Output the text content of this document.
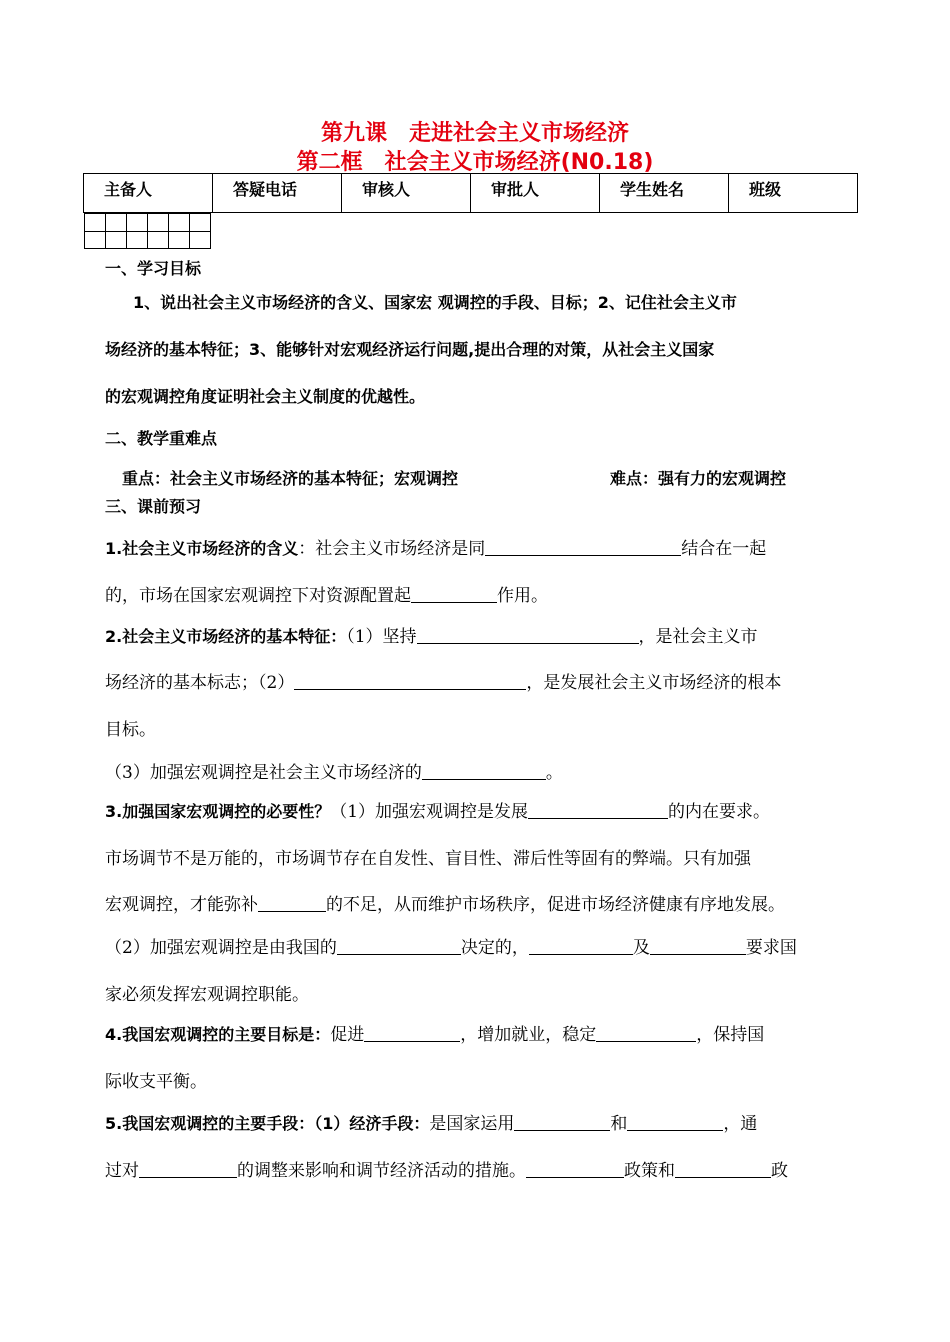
第九课　走进社会主义市场经济
第二框　社会主义市场经济(N0.18)
主备人	答疑电话	审核人	审批人	学生姓名	班级

一、学习目标
1、说出社会主义市场经济的含义、国家宏 观调控的手段、目标；2、记住社会主义市
场经济的基本特征；3、能够针对宏观经济运行问题,提出合理的对策，从社会主义国家
的宏观调控角度证明社会主义制度的优越性。
二、教学重难点
重点：社会主义市场经济的基本特征；宏观调控	难点：强有力的宏观调控
三、课前预习
1.社会主义市场经济的含义：社会主义市场经济是同	结合在一起
的，市场在国家宏观调控下对资源配置起	作用。
2.社会主义市场经济的基本特征：（1）坚持	，是社会主义市
场经济的基本标志；（2）	，是发展社会主义市场经济的根本
目标。
（3）加强宏观调控是社会主义市场经济的	。
3.加强国家宏观调控的必要性？（1）加强宏观调控是发展	的内在要求。
市场调节不是万能的，市场调节存在自发性、盲目性、滞后性等固有的弊端。只有加强
宏观调控，才能弥补	的不足，从而维护市场秩序，促进市场经济健康有序地发展。
（2）加强宏观调控是由我国的	决定的，	及	要求国
家必须发挥宏观调控职能。
4.我国宏观调控的主要目标是：促进	，增加就业，稳定	，保持国
际收支平衡。
5.我国宏观调控的主要手段：（1）经济手段：是国家运用	和	，通
过对	的调整来影响和调节经济活动的措施。	政策和	政
